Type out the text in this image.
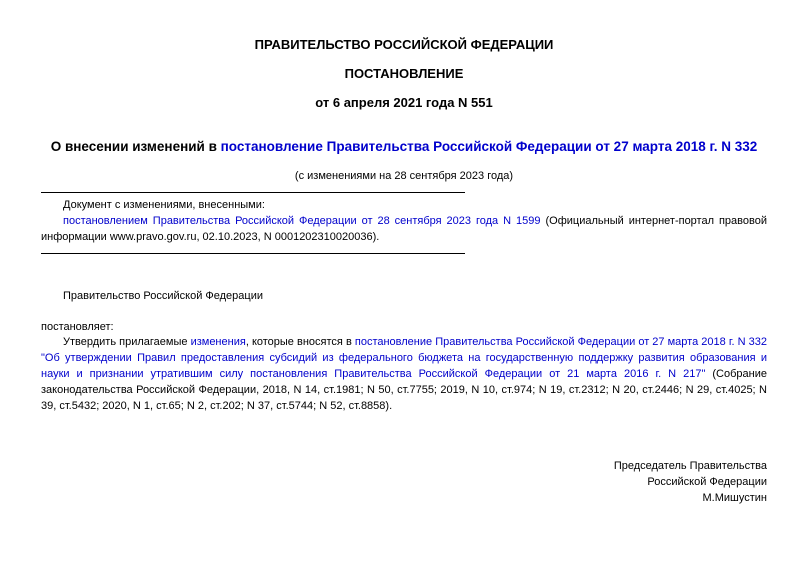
ПРАВИТЕЛЬСТВО РОССИЙСКОЙ ФЕДЕРАЦИИ
ПОСТАНОВЛЕНИЕ
от 6 апреля 2021 года N 551
О внесении изменений в постановление Правительства Российской Федерации от 27 марта 2018 г. N 332
(с изменениями на 28 сентября 2023 года)
Документ с изменениями, внесенными:
постановлением Правительства Российской Федерации от 28 сентября 2023 года N 1599 (Официальный интернет-портал правовой информации www.pravo.gov.ru, 02.10.2023, N 0001202310020036).
Правительство Российской Федерации
постановляет:
Утвердить прилагаемые изменения, которые вносятся в постановление Правительства Российской Федерации от 27 марта 2018 г. N 332 "Об утверждении Правил предоставления субсидий из федерального бюджета на государственную поддержку развития образования и науки и признании утратившим силу постановления Правительства Российской Федерации от 21 марта 2016 г. N 217" (Собрание законодательства Российской Федерации, 2018, N 14, ст.1981; N 50, ст.7755; 2019, N 10, ст.974; N 19, ст.2312; N 20, ст.2446; N 29, ст.4025; N 39, ст.5432; 2020, N 1, ст.65; N 2, ст.202; N 37, ст.5744; N 52, ст.8858).
Председатель Правительства
Российской Федерации
М.Мишустин
